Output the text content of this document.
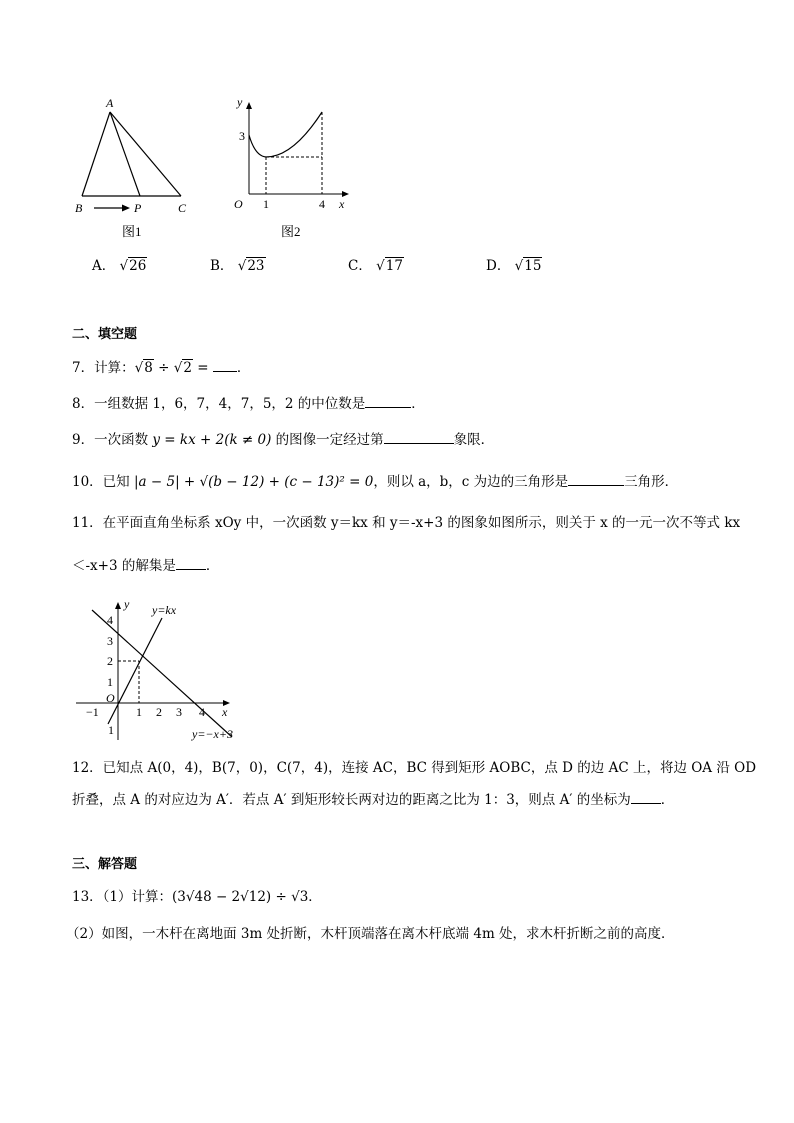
A
B	P	C
图1
y
3
O 1	4 x
图2
A． √26	B． √23	C． √17	D． √15
二、填空题
7．计算：√8 ÷ √2 = ．
8．一组数据 1，6，7，4，7，5，2 的中位数是	．
9．一次函数 y = kx + 2(k ≠ 0) 的图像一定经过第	象限．
10．已知 |a − 5| + √(b − 12) + (c − 13)² = 0，则以 a，b，c 为边的三角形是	三角形．
11．在平面直角坐标系 xOy 中，一次函数 y＝kx 和 y＝-x+3 的图象如图所示，则关于 x 的一元一次不等式 kx
＜-x+3 的解集是 ．
y y=kx
4
3
2
1
O
−1	1 2 3 4 x
1	y=−x+3
12．已知点 A(0，4)，B(7，0)，C(7，4)，连接 AC，BC 得到矩形 AOBC，点 D 的边 AC 上，将边 OA 沿 OD
折叠，点 A 的对应边为 A′．若点 A′ 到矩形较长两对边的距离之比为 1：3，则点 A′ 的坐标为 ．
三、解答题
13．（1）计算：(3√48 − 2√12) ÷ √3．
（2）如图，一木杆在离地面 3m 处折断，木杆顶端落在离木杆底端 4m 处，求木杆折断之前的高度．
